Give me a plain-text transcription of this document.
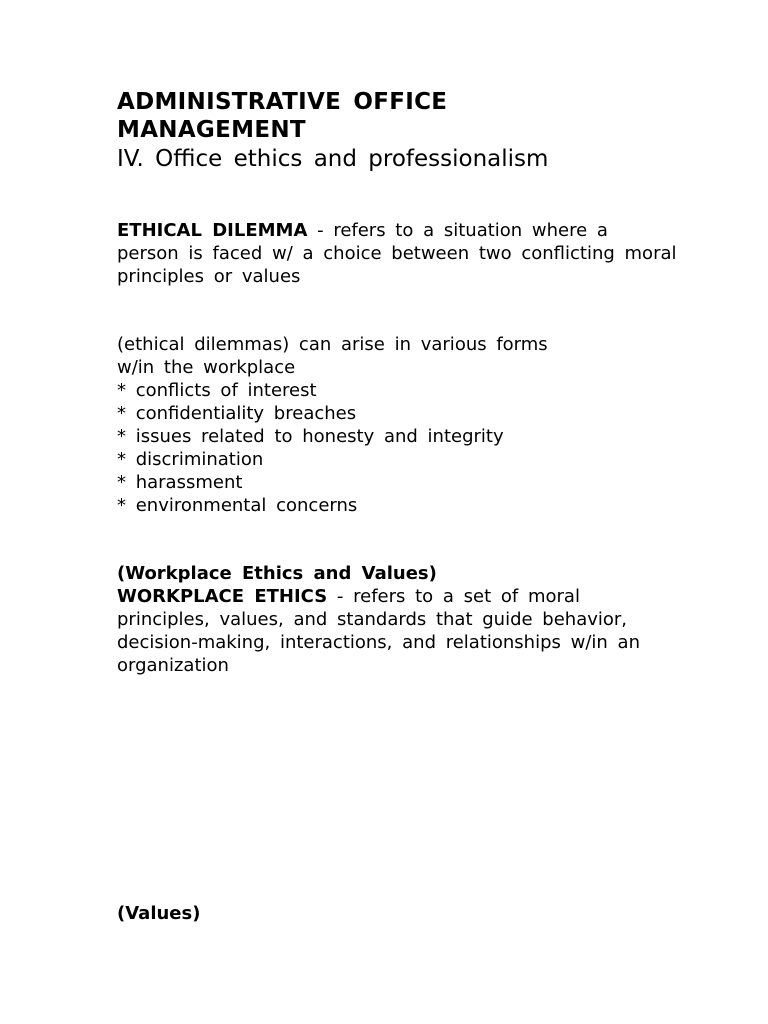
ADMINISTRATIVE OFFICE
MANAGEMENT

IV. Office ethics and professionalism

ETHICAL DILEMMA - refers to a situation where a person is faced w/ a choice between two conflicting moral principles or values

(ethical dilemmas) can arise in various forms
w/in the workplace

* conflicts of interest
* confidentiality breaches
* issues related to honesty and integrity
* discrimination
* harassment
* environmental concerns

(Workplace Ethics and Values)

WORKPLACE ETHICS - refers to a set of moral principles, values, and standards that guide behavior, decision-making, interactions, and relationships w/in an organization

(Values)
